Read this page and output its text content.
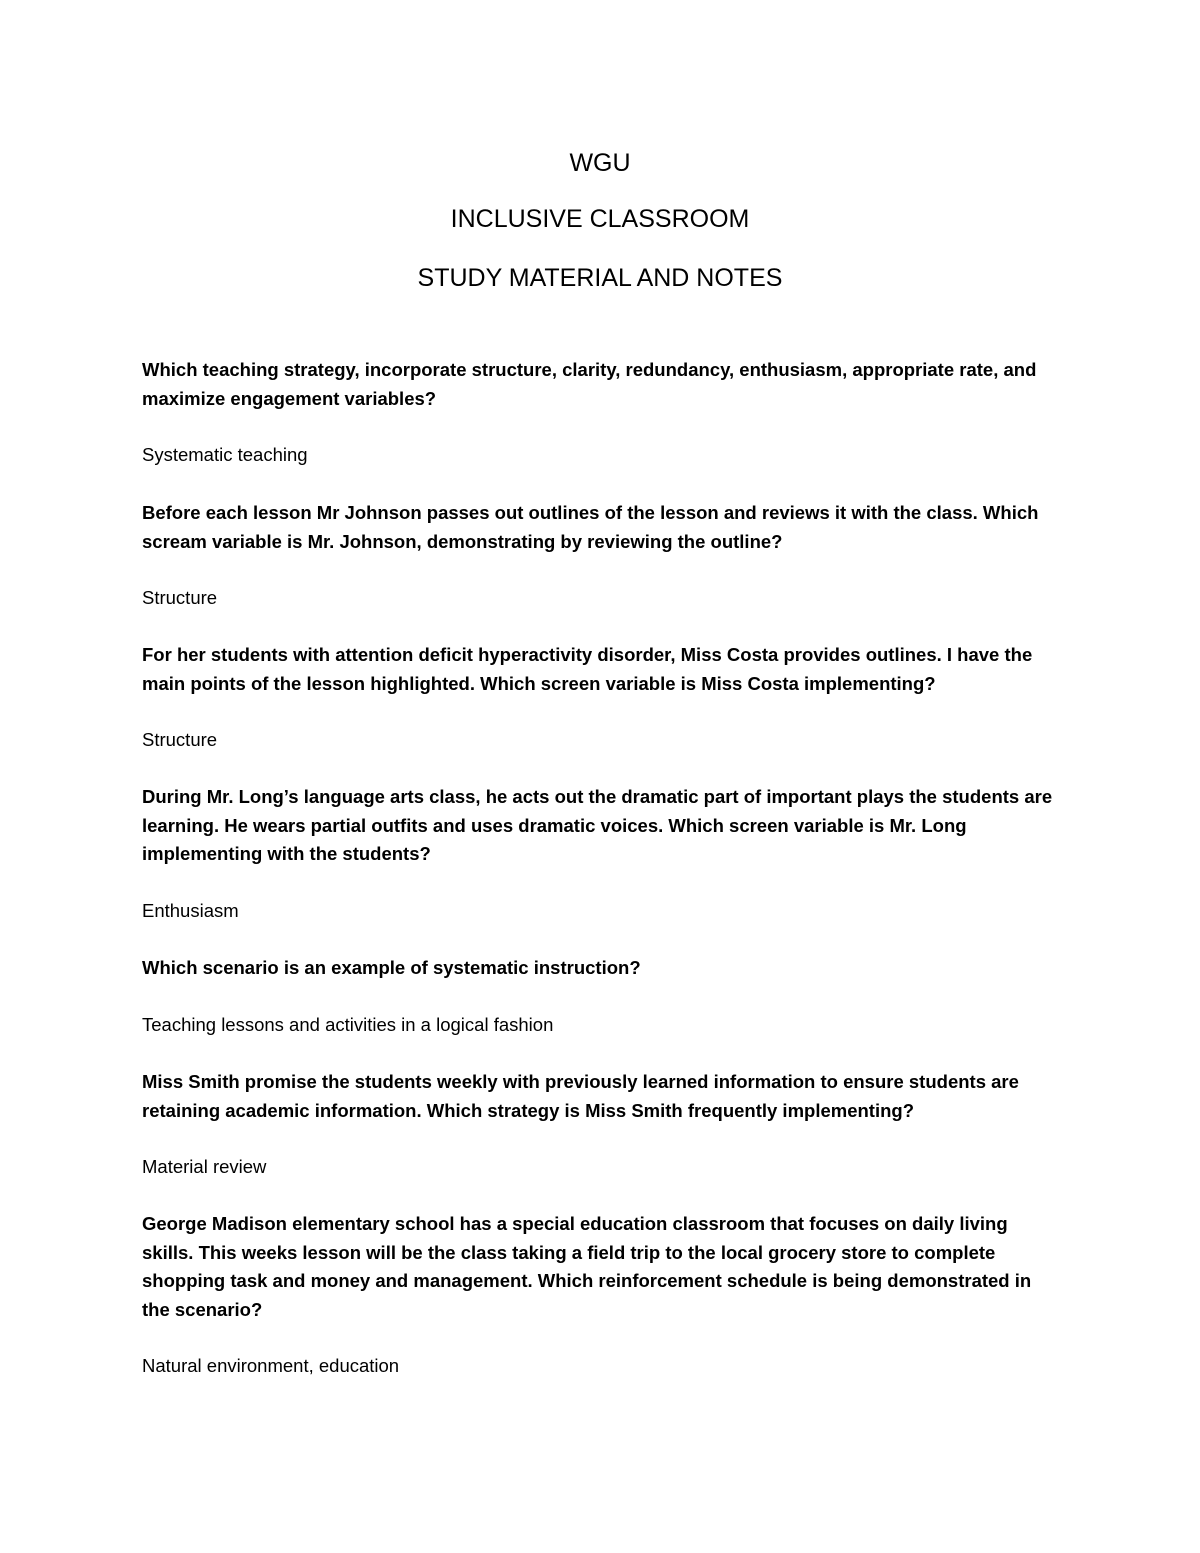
WGU
INCLUSIVE CLASSROOM
STUDY MATERIAL AND NOTES

Which teaching strategy, incorporate structure, clarity, redundancy, enthusiasm, appropriate rate, and maximize engagement variables?

Systematic teaching

Before each lesson Mr Johnson passes out outlines of the lesson and reviews it with the class. Which scream variable is Mr. Johnson, demonstrating by reviewing the outline?

Structure

For her students with attention deficit hyperactivity disorder, Miss Costa provides outlines. I have the main points of the lesson highlighted. Which screen variable is Miss Costa implementing?

Structure

During Mr. Long’s language arts class, he acts out the dramatic part of important plays the students are learning. He wears partial outfits and uses dramatic voices. Which screen variable is Mr. Long implementing with the students?

Enthusiasm

Which scenario is an example of systematic instruction?

Teaching lessons and activities in a logical fashion

Miss Smith promise the students weekly with previously learned information to ensure students are retaining academic information. Which strategy is Miss Smith frequently implementing?

Material review

George Madison elementary school has a special education classroom that focuses on daily living skills. This weeks lesson will be the class taking a field trip to the local grocery store to complete shopping task and money and management. Which reinforcement schedule is being demonstrated in the scenario?

Natural environment, education
